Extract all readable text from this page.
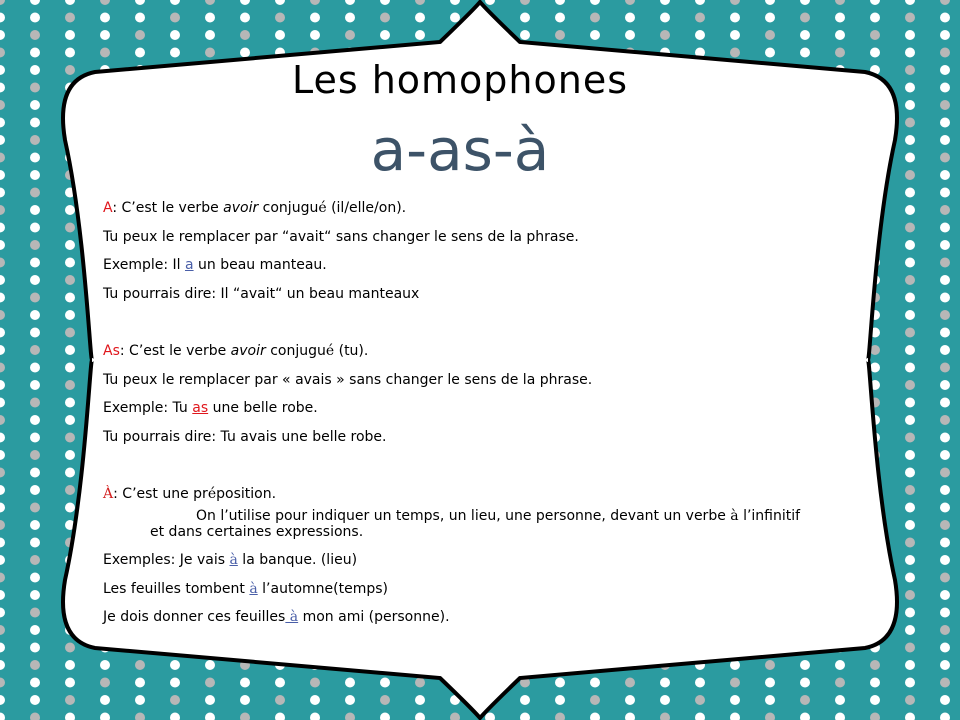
Les homophones
a-as-à
A: C’est le verbe avoir conjugué (il/elle/on).
Tu peux le remplacer par “avait“ sans changer le sens de la phrase.
Exemple: Il a un beau manteau.
Tu pourrais dire: Il “avait“ un beau manteaux
As: C’est le verbe avoir conjugué (tu).
Tu peux le remplacer par « avais » sans changer le sens de la phrase.
Exemple: Tu as une belle robe.
Tu pourrais dire: Tu avais une belle robe.
À: C’est une préposition.
On l’utilise pour indiquer un temps, un lieu, une personne, devant un verbe à l’infinitif
et dans certaines expressions.
Exemples: Je vais à la banque. (lieu)
Les feuilles tombent à l’automne(temps)
Je dois donner ces feuilles à mon ami (personne).
